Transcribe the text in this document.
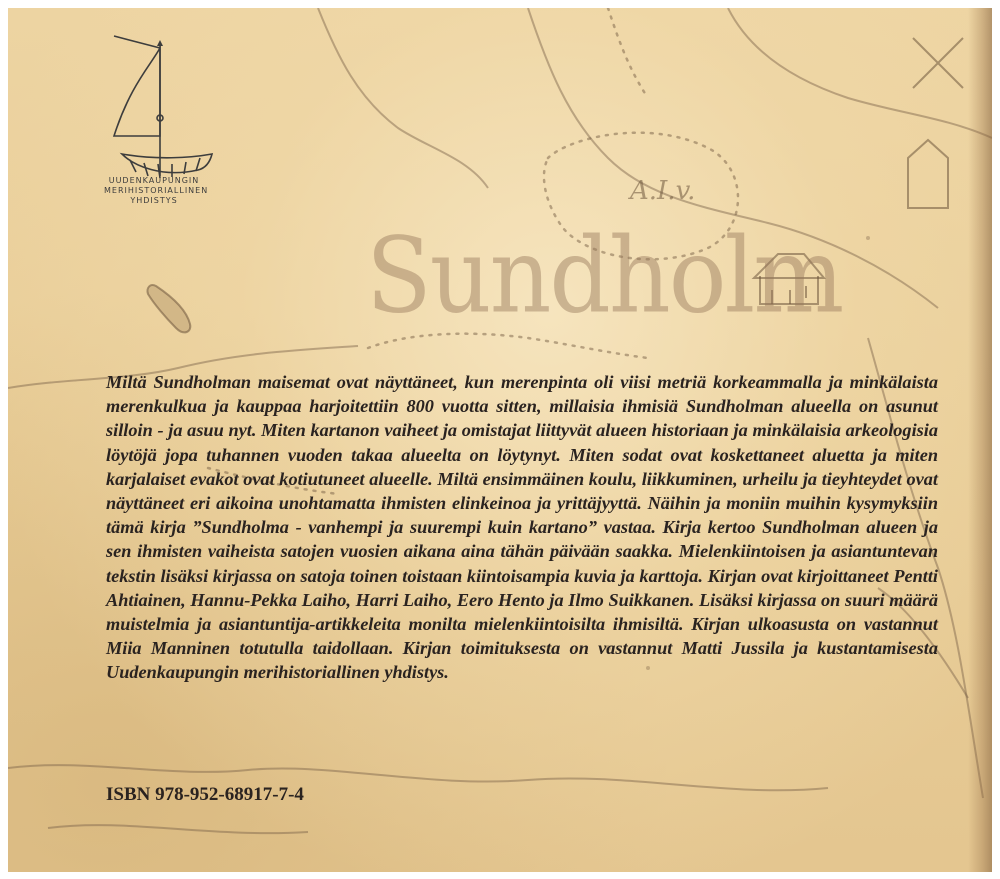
Sundholm
A.I.v.
UUDENKAUPUNGIN
MERIHISTORIALLINEN
YHDISTYS

Miltä Sundholman maisemat ovat näyttäneet, kun merenpinta oli viisi metriä korkeammalla ja minkälaista merenkulkua ja kauppaa harjoitettiin 800 vuotta sitten, millaisia ihmisiä Sundholman alueella on asunut silloin - ja asuu nyt. Miten kartanon vaiheet ja omistajat liittyvät alueen historiaan ja minkälaisia arkeologisia löytöjä jopa tuhannen vuoden takaa alueelta on löytynyt. Miten sodat ovat koskettaneet aluetta ja miten karjalaiset evakot ovat kotiutuneet alueelle. Miltä ensimmäinen koulu, liikkuminen, urheilu ja tieyhteydet ovat näyttäneet eri aikoina unohtamatta ihmisten elinkeinoa ja yrittäjyyttä. Näihin ja moniin muihin kysymyksiin tämä kirja ”Sundholma - vanhempi ja suurempi kuin kartano” vastaa. Kirja kertoo Sundholman alueen ja sen ihmisten vaiheista satojen vuosien aikana aina tähän päivään saakka. Mielenkiintoisen ja asiantuntevan tekstin lisäksi kirjassa on satoja toinen toistaan kiintoisampia kuvia ja karttoja. Kirjan ovat kirjoittaneet Pentti Ahtiainen, Hannu-Pekka Laiho, Harri Laiho, Eero Hento ja Ilmo Suikkanen. Lisäksi kirjassa on suuri määrä muistelmia ja asiantuntija-artikkeleita monilta mielenkiintoisilta ihmisiltä. Kirjan ulkoasusta on vastannut Miia Manninen totutulla taidollaan. Kirjan toimituksesta on vastannut Matti Jussila ja kustantamisesta Uudenkaupungin merihistoriallinen yhdistys.

ISBN 978-952-68917-7-4
